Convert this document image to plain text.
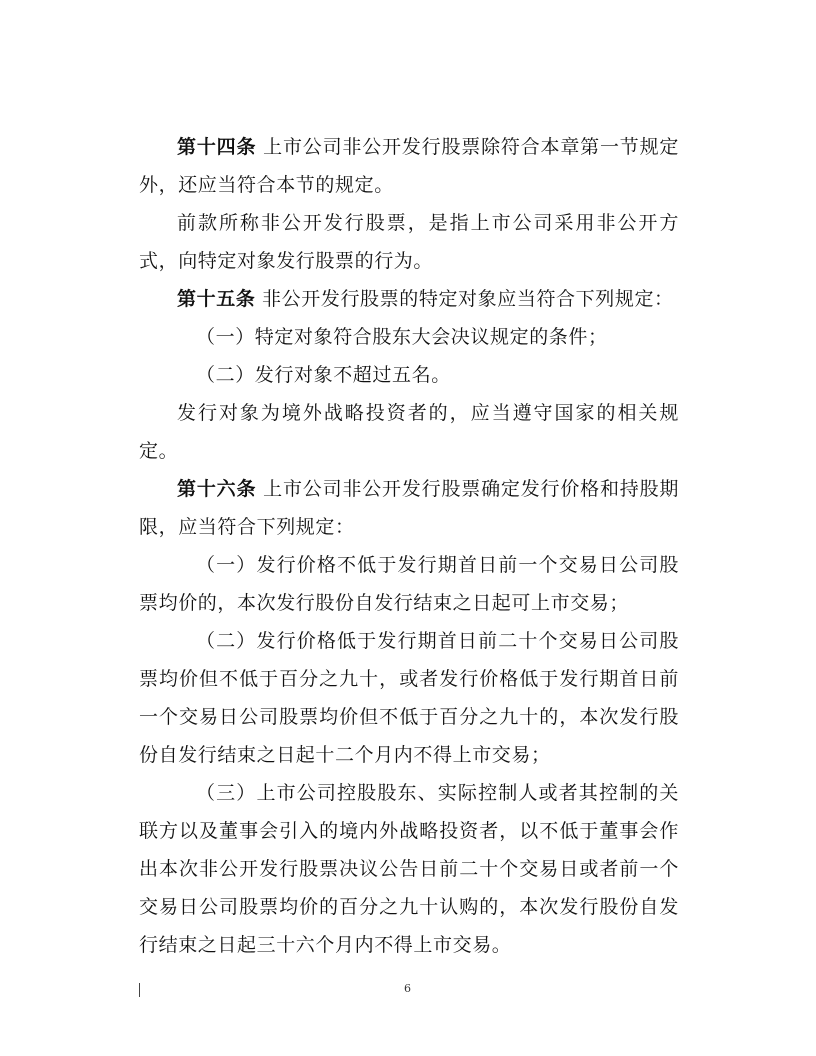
第十四条 上市公司非公开发行股票除符合本章第一节规定外，还应当符合本节的规定。

前款所称非公开发行股票，是指上市公司采用非公开方式，向特定对象发行股票的行为。

第十五条 非公开发行股票的特定对象应当符合下列规定：

（一）特定对象符合股东大会决议规定的条件；

（二）发行对象不超过五名。

发行对象为境外战略投资者的，应当遵守国家的相关规定。

第十六条 上市公司非公开发行股票确定发行价格和持股期限，应当符合下列规定：

（一）发行价格不低于发行期首日前一个交易日公司股票均价的，本次发行股份自发行结束之日起可上市交易；

（二）发行价格低于发行期首日前二十个交易日公司股票均价但不低于百分之九十，或者发行价格低于发行期首日前一个交易日公司股票均价但不低于百分之九十的，本次发行股份自发行结束之日起十二个月内不得上市交易；

（三）上市公司控股股东、实际控制人或者其控制的关联方以及董事会引入的境内外战略投资者，以不低于董事会作出本次非公开发行股票决议公告日前二十个交易日或者前一个交易日公司股票均价的百分之九十认购的，本次发行股份自发行结束之日起三十六个月内不得上市交易。

6
